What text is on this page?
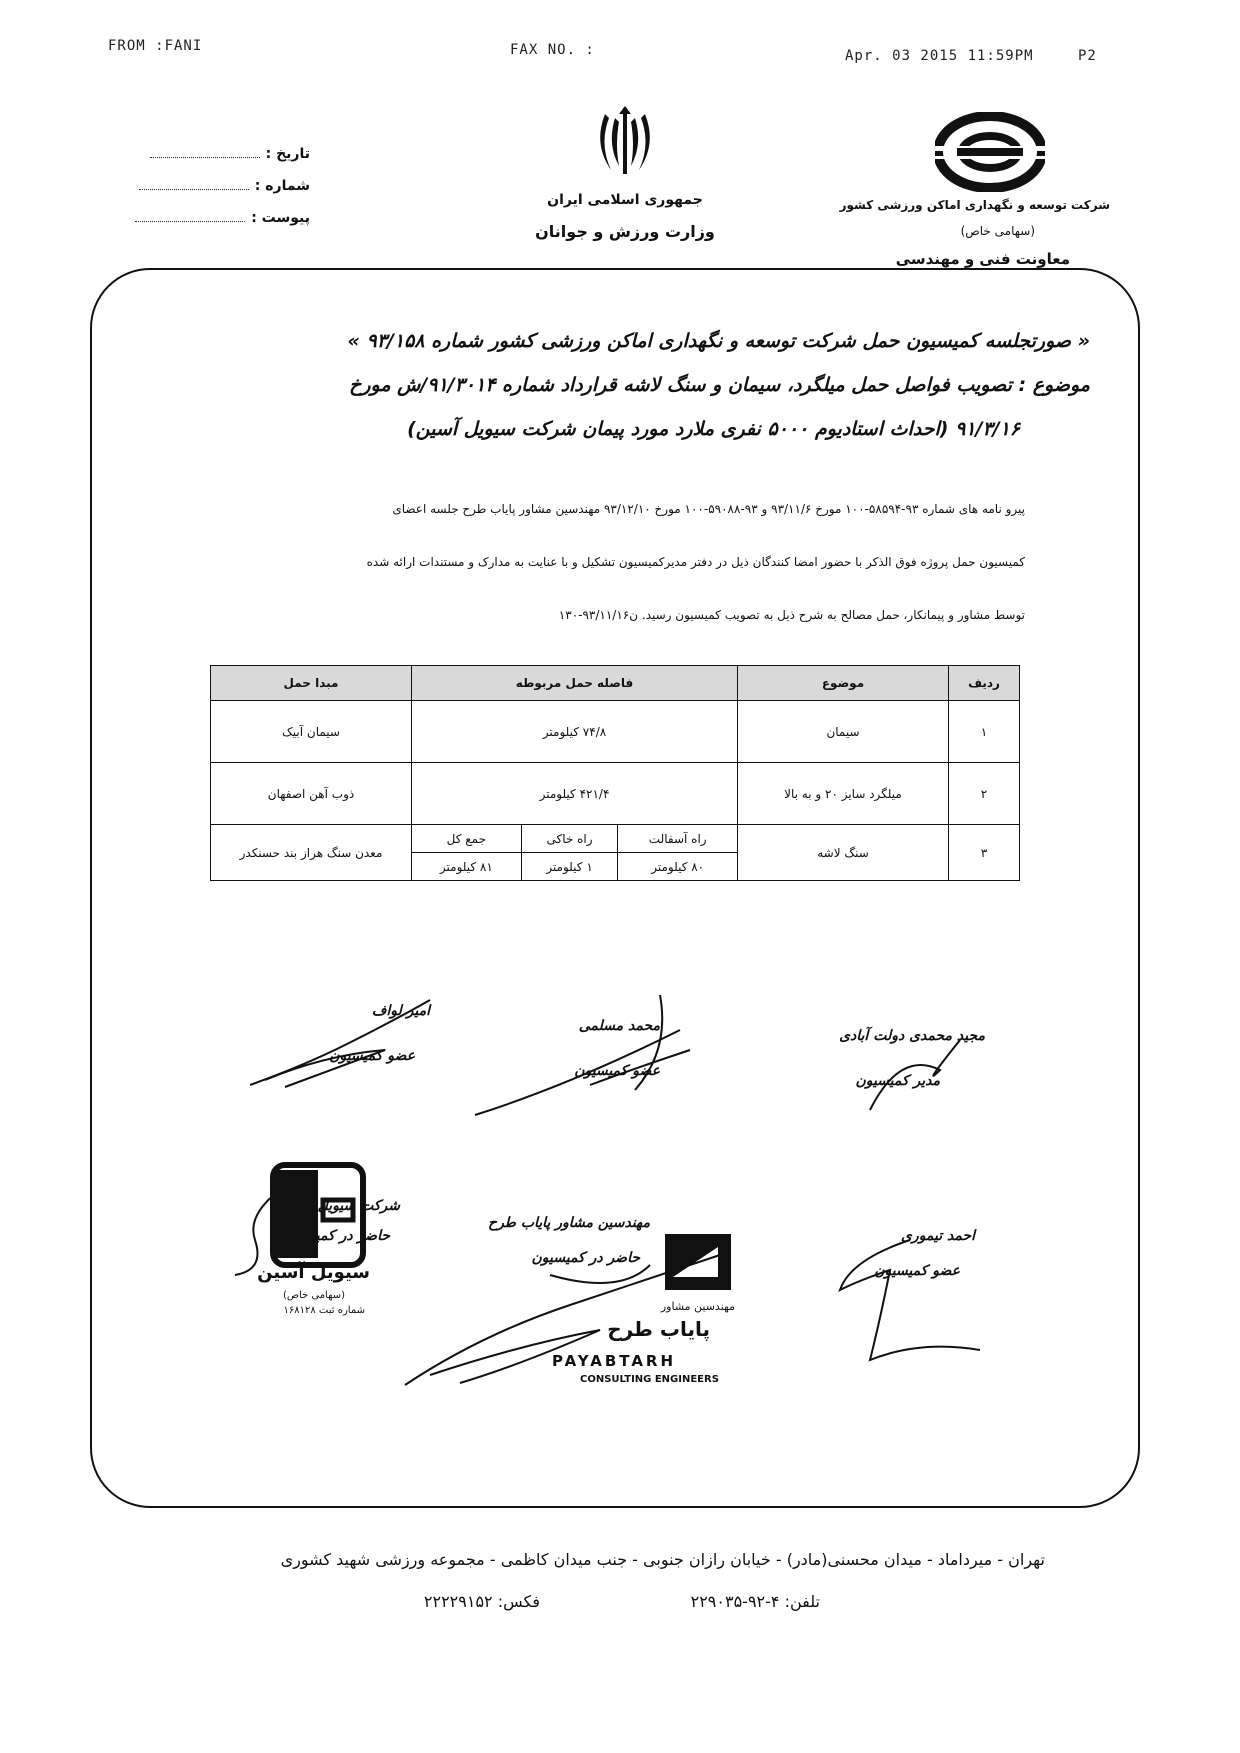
FROM :FANI	FAX NO. :	Apr. 03 2015 11:59PM	P2
تاریخ :
شماره :
پیوست :
جمهوری اسلامی ایران
وزارت ورزش و جوانان
شرکت توسعه و نگهداری اماکن ورزشی کشور
(سهامی خاص)
معاونت فنی و مهندسی
« صورتجلسه کمیسیون حمل شرکت توسعه و نگهداری اماکن ورزشی کشور شماره ۹۳/۱۵۸ »
موضوع : تصویب فواصل حمل میلگرد، سیمان و سنگ لاشه قرارداد شماره ۹۱/۳۰۱۴/ش مورخ
۹۱/۳/۱۶ (احداث استادیوم ۵۰۰۰ نفری ملارد مورد پیمان شرکت سیویل آسین)
پیرو نامه های شماره ۹۳-۵۸۵۹۴-۱۰۰ مورخ ۹۳/۱۱/۶ و ۹۳-۵۹۰۸۸-۱۰۰ مورخ ۹۳/۱۲/۱۰ مهندسین مشاور پایاب طرح جلسه اعضای
کمیسیون حمل پروژه فوق الذکر با حضور امضا کنندگان ذیل در دفتر مدیرکمیسیون تشکیل و با عنایت به مدارک و مستندات ارائه شده
توسط مشاور و پیمانکار، حمل مصالح به شرح ذیل به تصویب کمیسیون رسید. ن۹۳/۱۱/۱۶-۱۳۰
ردیف	موضوع	فاصله حمل مربوطه			مبدا حمل
۱	سیمان	۷۴/۸ کیلومتر			سیمان آبیک
۲	میلگرد سایز ۲۰ و به بالا	۴۲۱/۴ کیلومتر			ذوب آهن اصفهان
۳	سنگ لاشه	راه آسفالت	راه خاکی	جمع کل	معدن سنگ هراز بند حسنکدر
		۸۰ کیلومتر	۱ کیلومتر	۸۱ کیلومتر	
امیر لواف
عضو کمیسیون
محمد مسلمی
عضو کمیسیون
مجید محمدی دولت آبادی
مدیر کمیسیون
شرکت سیویل آسین
حاضر در کمیسیون
سیویل آسین
(سهامی خاص)
شماره ثبت ۱۶۸۱۲۸
مهندسین مشاور پایاب طرح
حاضر در کمیسیون
مهندسین مشاور
پایاب طرح
PAYABTARH
CONSULTING ENGINEERS
احمد تیموری
عضو کمیسیون
تهران - میرداماد - میدان محسنی(مادر) - خیابان رازان جنوبی - جنب میدان کاظمی - مجموعه ورزشی شهید کشوری
تلفن: ۴-۹۲-۲۲۹۰۳۵
فکس: ۲۲۲۲۹۱۵۲
